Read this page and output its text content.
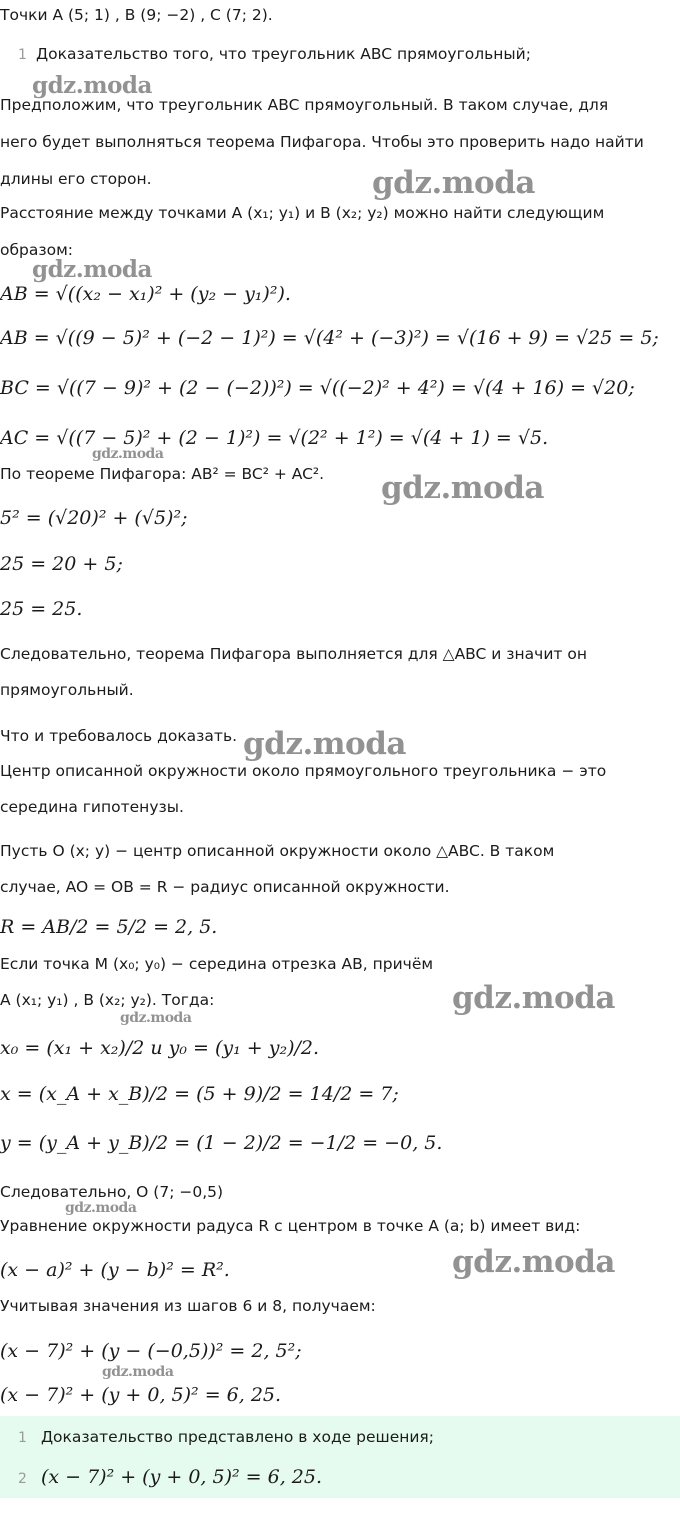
Точки A (5; 1) , B (9; −2) , C (7; 2).
1 Доказательство того, что треугольник ABC прямоугольный;
Предположим, что треугольник ABC прямоугольный. В таком случае, для
него будет выполняться теорема Пифагора. Чтобы это проверить надо найти
длины его сторон.
Расстояние между точками A (x₁; y₁) и B (x₂; y₂) можно найти следующим
образом:
AB = √((x₂ − x₁)² + (y₂ − y₁)²).
AB = √((9 − 5)² + (−2 − 1)²) = √(4² + (−3)²) = √(16 + 9) = √25 = 5;
BC = √((7 − 9)² + (2 − (−2))²) = √((−2)² + 4²) = √(4 + 16) = √20;
AC = √((7 − 5)² + (2 − 1)²) = √(2² + 1²) = √(4 + 1) = √5.
По теореме Пифагора: AB² = BC² + AC².
5² = (√20)² + (√5)²;
25 = 20 + 5;
25 = 25.
Следовательно, теорема Пифагора выполняется для △ABC и значит он
прямоугольный.
Что и требовалось доказать.
Центр описанной окружности около прямоугольного треугольника − это
середина гипотенузы.
Пусть O (x; y) − центр описанной окружности около △ABC. В таком
случае, AO = OB = R − радиус описанной окружности.
R = AB/2 = 5/2 = 2, 5.
Если точка M (x₀; y₀) − середина отрезка AB, причём
A (x₁; y₁) , B (x₂; y₂). Тогда:
x₀ = (x₁ + x₂)/2 и y₀ = (y₁ + y₂)/2.
x = (x_A + x_B)/2 = (5 + 9)/2 = 14/2 = 7;
y = (y_A + y_B)/2 = (1 − 2)/2 = −1/2 = −0, 5.
Следовательно, O (7; −0,5)
Уравнение окружности радуса R с центром в точке A (a; b) имеет вид:
(x − a)² + (y − b)² = R².
Учитывая значения из шагов 6 и 8, получаем:
(x − 7)² + (y − (−0,5))² = 2, 5²;
(x − 7)² + (y + 0, 5)² = 6, 25.
1 Доказательство представлено в ходе решения;
2 (x − 7)² + (y + 0, 5)² = 6, 25.
gdz.moda
gdz.moda
gdz.moda
gdz.moda
gdz.moda
gdz.moda
gdz.moda
gdz.moda
gdz.moda
gdz.moda
gdz.moda
